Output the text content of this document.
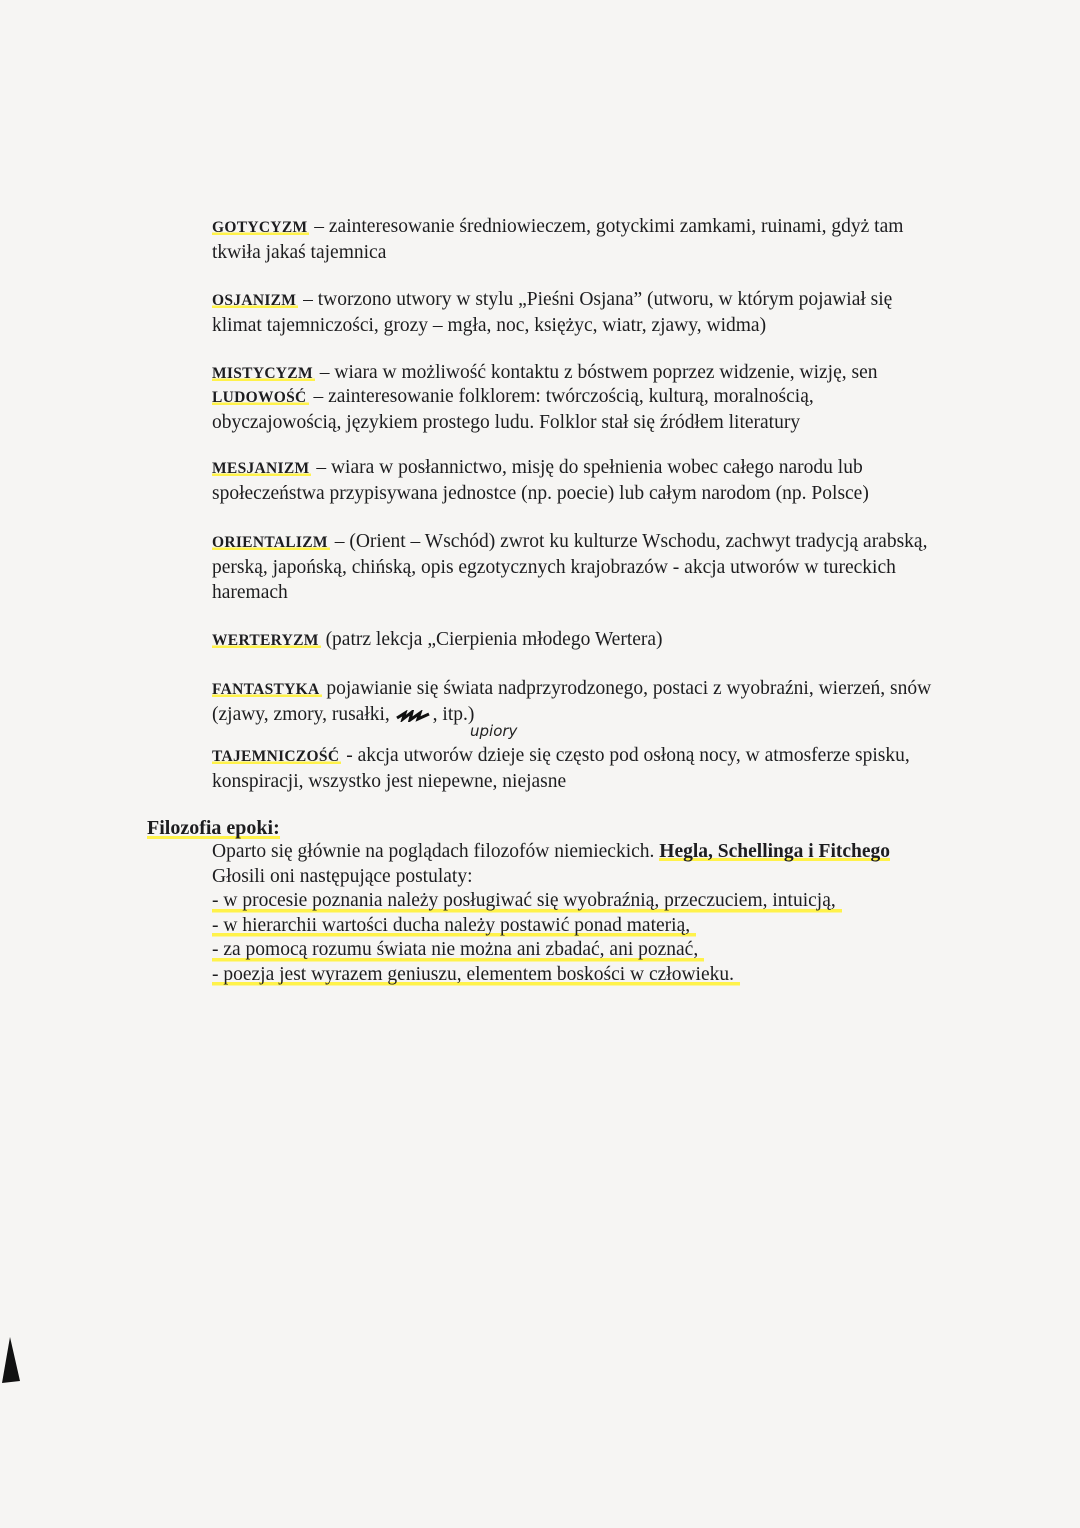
GOTYCYZM – zainteresowanie średniowieczem, gotyckimi zamkami, ruinami, gdyż tam tkwiła jakaś tajemnica
OSJANIZM – tworzono utwory w stylu „Pieśni Osjana” (utworu, w którym pojawiał się klimat tajemniczości, grozy – mgła, noc, księżyc, wiatr, zjawy, widma)
MISTYCYZM – wiara w możliwość kontaktu z bóstwem poprzez widzenie, wizję, sen
LUDOWOŚĆ – zainteresowanie folklorem: twórczością, kulturą, moralnością, obyczajowością, językiem prostego ludu. Folklor stał się źródłem literatury
MESJANIZM – wiara w posłannictwo, misję do spełnienia wobec całego narodu lub społeczeństwa przypisywana jednostce (np. poecie) lub całym narodom (np. Polsce)
ORIENTALIZM – (Orient – Wschód) zwrot ku kulturze Wschodu, zachwyt tradycją arabską, perską, japońską, chińską, opis egzotycznych krajobrazów - akcja utworów w tureckich haremach
WERTERYZM (patrz lekcja „Cierpienia młodego Wertera)
FANTASTYKA pojawianie się świata nadprzyrodzonego, postaci z wyobraźni, wierzeń, snów (zjawy, zmory, rusałki, , itp.)
upiory
TAJEMNICZOŚĆ - akcja utworów dzieje się często pod osłoną nocy, w atmosferze spisku, konspiracji, wszystko jest niepewne, niejasne
Filozofia epoki:
Oparto się głównie na poglądach filozofów niemieckich. Hegla, Schellinga i Fitchego
Głosili oni następujące postulaty:
- w procesie poznania należy posługiwać się wyobraźnią, przeczuciem, intuicją,
- w hierarchii wartości ducha należy postawić ponad materią,
- za pomocą rozumu świata nie można ani zbadać, ani poznać,
- poezja jest wyrazem geniuszu, elementem boskości w człowieku.
